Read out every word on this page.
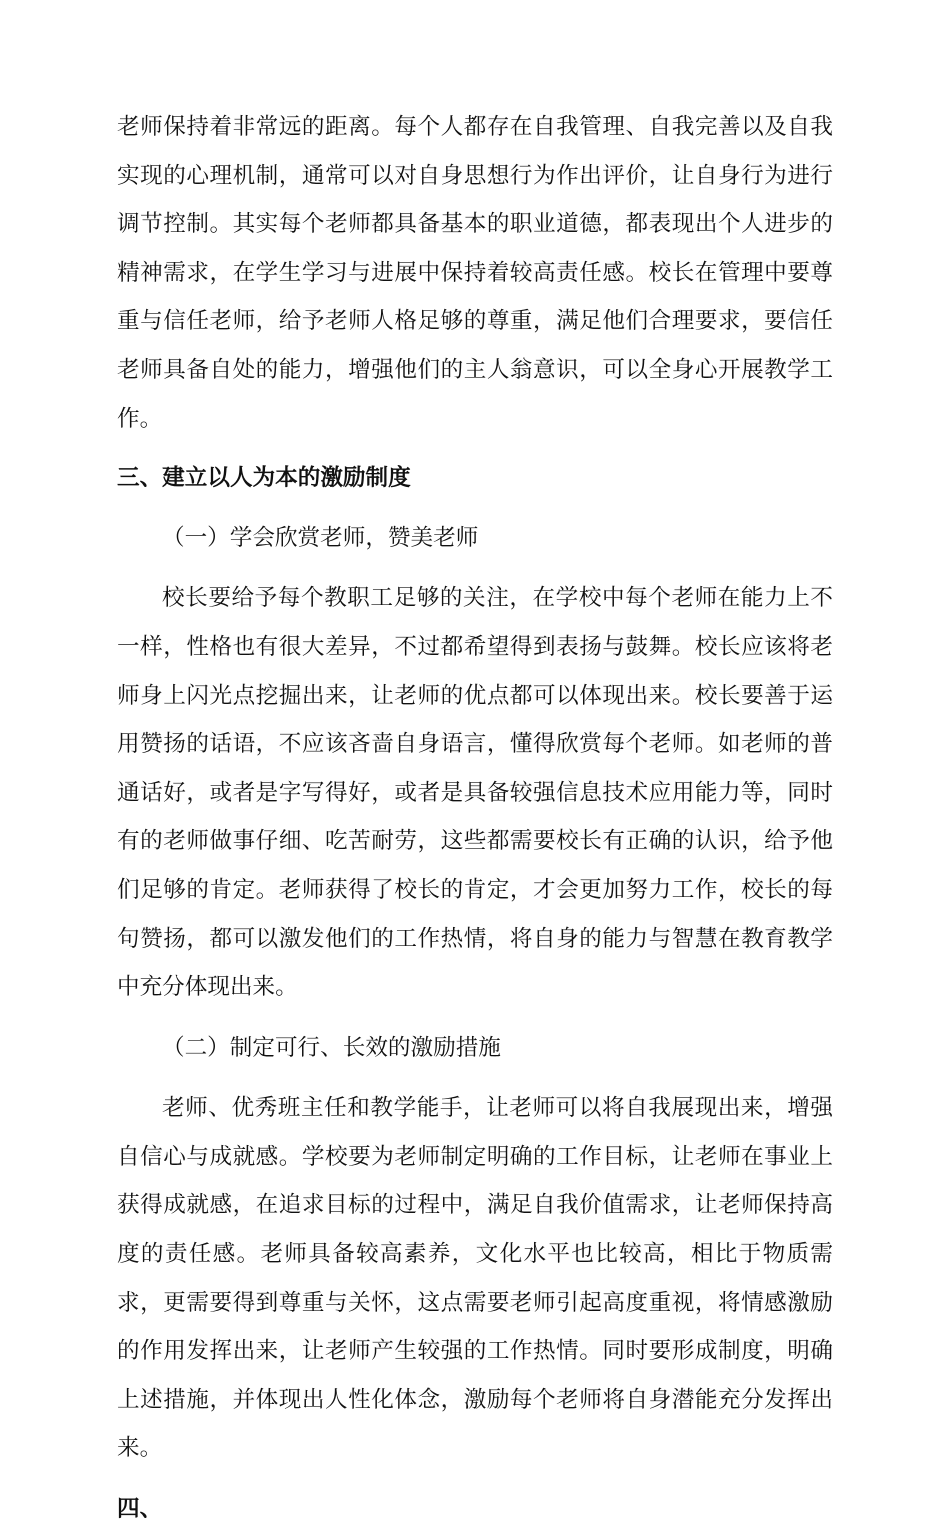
老师保持着非常远的距离。每个人都存在自我管理、自我完善以及自我实现的心理机制，通常可以对自身思想行为作出评价，让自身行为进行调节控制。其实每个老师都具备基本的职业道德，都表现出个人进步的精神需求，在学生学习与进展中保持着较高责任感。校长在管理中要尊重与信任老师，给予老师人格足够的尊重，满足他们合理要求，要信任老师具备自处的能力，增强他们的主人翁意识，可以全身心开展教学工作。

三、建立以人为本的激励制度

（一）学会欣赏老师，赞美老师

校长要给予每个教职工足够的关注，在学校中每个老师在能力上不一样，性格也有很大差异，不过都希望得到表扬与鼓舞。校长应该将老师身上闪光点挖掘出来，让老师的优点都可以体现出来。校长要善于运用赞扬的话语，不应该吝啬自身语言，懂得欣赏每个老师。如老师的普通话好，或者是字写得好，或者是具备较强信息技术应用能力等，同时有的老师做事仔细、吃苦耐劳，这些都需要校长有正确的认识，给予他们足够的肯定。老师获得了校长的肯定，才会更加努力工作，校长的每句赞扬，都可以激发他们的工作热情，将自身的能力与智慧在教育教学中充分体现出来。

（二）制定可行、长效的激励措施

老师、优秀班主任和教学能手，让老师可以将自我展现出来，增强自信心与成就感。学校要为老师制定明确的工作目标，让老师在事业上获得成就感，在追求目标的过程中，满足自我价值需求，让老师保持高度的责任感。老师具备较高素养，文化水平也比较高，相比于物质需求，更需要得到尊重与关怀，这点需要老师引起高度重视，将情感激励的作用发挥出来，让老师产生较强的工作热情。同时要形成制度，明确上述措施，并体现出人性化体念，激励每个老师将自身潜能充分发挥出来。

四、
